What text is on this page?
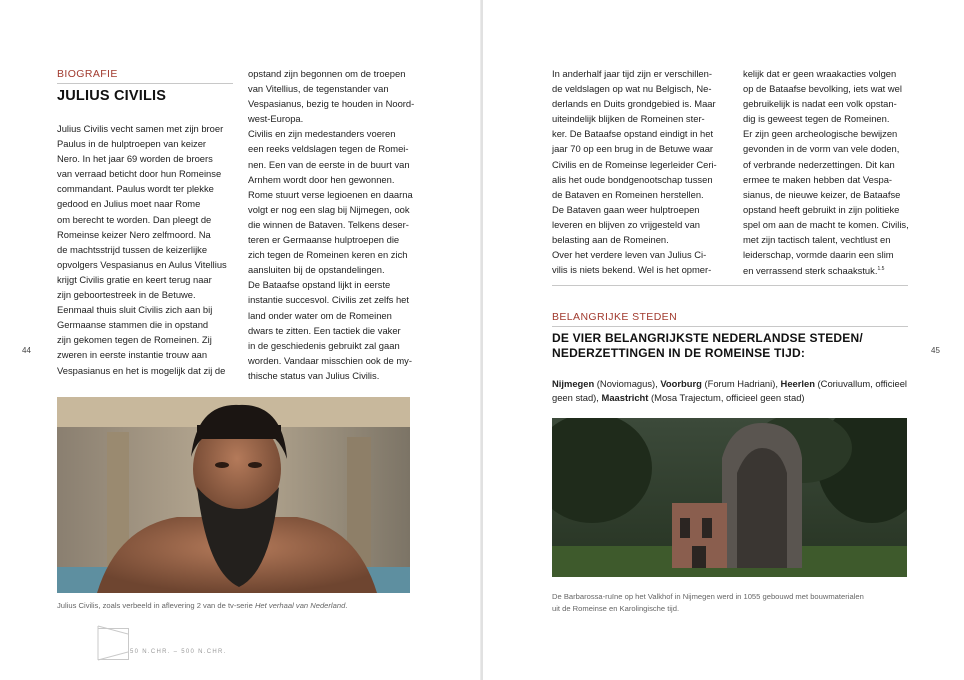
BIOGRAFIE
JULIUS CIVILIS

Julius Civilis vecht samen met zijn broer

Paulus in de hulptroepen van keizer

Nero. In het jaar 69 worden de broers

van verraad beticht door hun Romeinse

commandant. Paulus wordt ter plekke

gedood en Julius moet naar Rome

om berecht te worden. Dan pleegt de

Romeinse keizer Nero zelfmoord. Na

de machtsstrijd tussen de keizerlijke

opvolgers Vespasianus en Aulus Vitellius

krijgt Civilis gratie en keert terug naar

zijn geboortestreek in de Betuwe.

Eenmaal thuis sluit Civilis zich aan bij

Germaanse stammen die in opstand

zijn gekomen tegen de Romeinen. Zij

zweren in eerste instantie trouw aan

Vespasianus en het is mogelijk dat zij de

opstand zijn begonnen om de troepen

van Vitellius, de tegenstander van

Vespasianus, bezig te houden in Noord-

west-Europa.

Civilis en zijn medestanders voeren

een reeks veldslagen tegen de Romei-

nen. Een van de eerste in de buurt van

Arnhem wordt door hen gewonnen.

Rome stuurt verse legioenen en daarna

volgt er nog een slag bij Nijmegen, ook

die winnen de Bataven. Telkens deser-

teren er Germaanse hulptroepen die

zich tegen de Romeinen keren en zich

aansluiten bij de opstandelingen.

De Bataafse opstand lijkt in eerste

instantie succesvol. Civilis zet zelfs het

land onder water om de Romeinen

dwars te zitten. Een tactiek die vaker

in de geschiedenis gebruikt zal gaan

worden. Vandaar misschien ook de my-

thische status van Julius Civilis.

44
Julius Civilis, zoals verbeeld in aflevering 2 van de tv-serie Het verhaal van Nederland.
50 N.CHR. – 500 N.CHR.

In anderhalf jaar tijd zijn er verschillen-

de veldslagen op wat nu Belgisch, Ne-

derlands en Duits grondgebied is. Maar

uiteindelijk blijken de Romeinen ster-

ker. De Bataafse opstand eindigt in het

jaar 70 op een brug in de Betuwe waar

Civilis en de Romeinse legerleider Ceri-

alis het oude bondgenootschap tussen

de Bataven en Romeinen herstellen.

De Bataven gaan weer hulptroepen

leveren en blijven zo vrijgesteld van

belasting aan de Romeinen.

Over het verdere leven van Julius Ci-

vilis is niets bekend. Wel is het opmer-

kelijk dat er geen wraakacties volgen

op de Bataafse bevolking, iets wat wel

gebruikelijk is nadat een volk opstan-

dig is geweest tegen de Romeinen.

Er zijn geen archeologische bewijzen

gevonden in de vorm van vele doden,

of verbrande nederzettingen. Dit kan

ermee te maken hebben dat Vespa-

sianus, de nieuwe keizer, de Bataafse

opstand heeft gebruikt in zijn politieke

spel om aan de macht te komen. Civilis,

met zijn tactisch talent, vechtlust en

leiderschap, vormde daarin een slim

en verrassend sterk schaakstuk.$^{1.5}$

45
BELANGRIJKE STEDEN
DE VIER BELANGRIJKSTE NEDERLANDSE STEDEN/
NEDERZETTINGEN IN DE ROMEINSE TIJD:
Nijmegen (Noviomagus), Voorburg (Forum Hadriani), Heerlen (Coriuvallum, officieel
geen stad), Maastricht (Mosa Trajectum, officieel geen stad)
De Barbarossa-ruïne op het Valkhof in Nijmegen werd in 1055 gebouwd met bouwmaterialen
uit de Romeinse en Karolingische tijd.
